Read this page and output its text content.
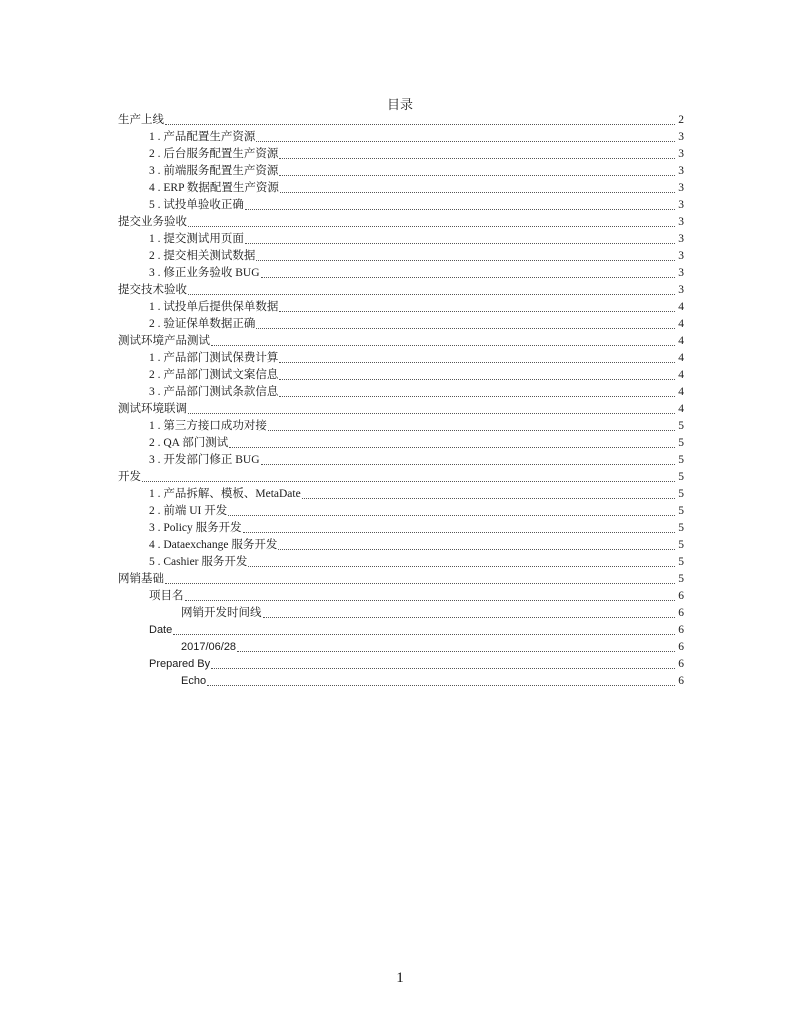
目录
生产上线	2
1 . 产品配置生产资源	3
2 . 后台服务配置生产资源	3
3 . 前端服务配置生产资源	3
4 . ERP 数据配置生产资源	3
5 . 试投单验收正确	3
提交业务验收	3
1 . 提交测试用页面	3
2 . 提交相关测试数据	3
3 . 修正业务验收 BUG	3
提交技术验收	3
1 . 试投单后提供保单数据	4
2 . 验证保单数据正确	4
测试环境产品测试	4
1 . 产品部门测试保费计算	4
2 . 产品部门测试文案信息	4
3 . 产品部门测试条款信息	4
测试环境联调	4
1 . 第三方接口成功对接	5
2 . QA 部门测试	5
3 . 开发部门修正 BUG	5
开发	5
1 . 产品拆解、模板、MetaDate	5
2 . 前端 UI 开发	5
3 . Policy 服务开发	5
4 . Dataexchange 服务开发	5
5 . Cashier 服务开发	5
网销基础	5
项目名	6
网销开发时间线	6
Date	6
2017/06/28	6
Prepared By	6
Echo	6
1
